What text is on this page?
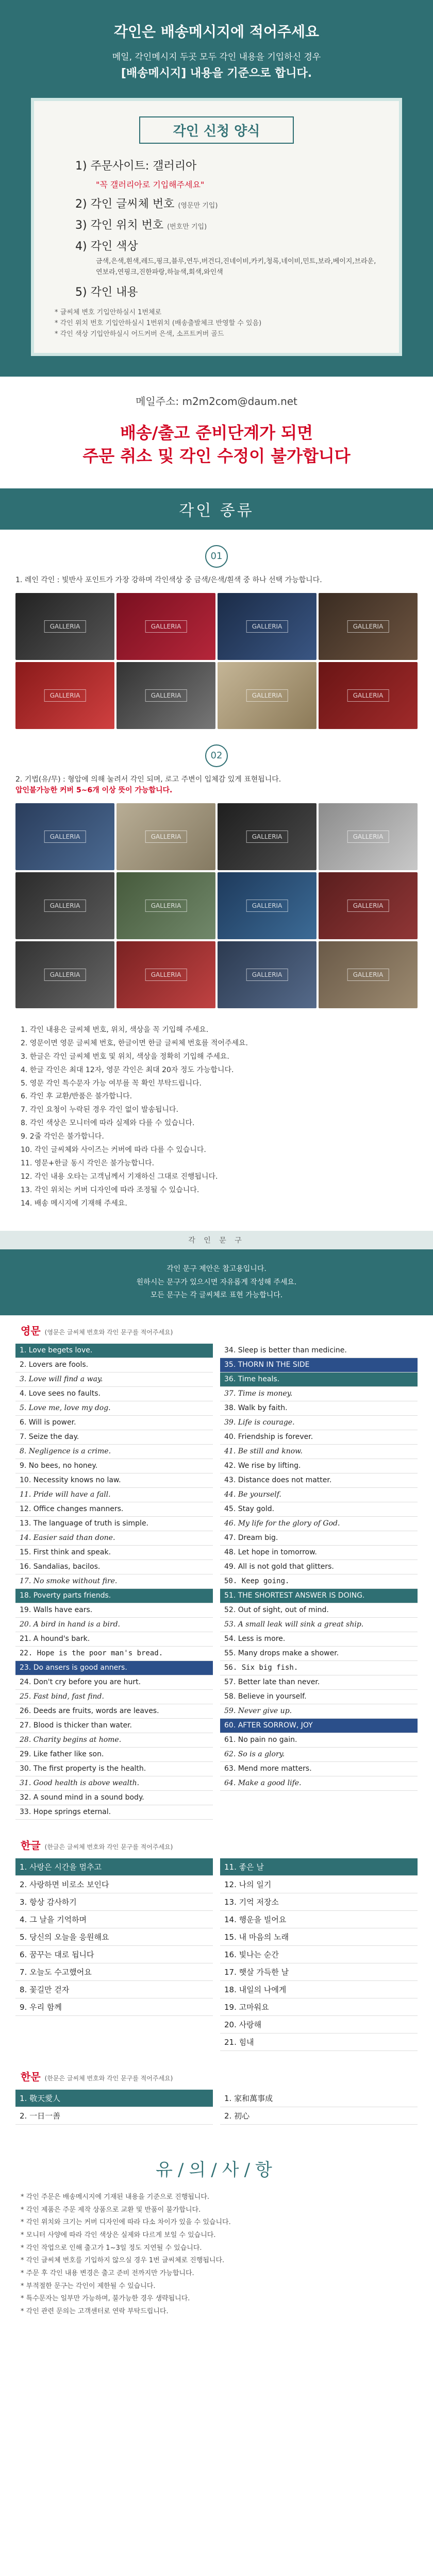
각인은 배송메시지에 적어주세요

메일, 각인메시지 두곳 모두 각인 내용을 기입하신 경우

[배송메시지] 내용을 기준으로 합니다.

각인 신청 양식
1) 주문사이트: 갤러리아
"꼭 갤러리아로 기입해주세요"
2) 각인 글씨체 번호 (영문만 기입)
3) 각인 위치 번호 (번호만 기입)
4) 각인 색상
금색,은색,흰색,레드,핑크,블루,연두,버건디,진네이비,카키,청록,네이비,민트,보라,베이지,브라운,연보라,연핑크,진한파랑,하늘색,회색,와인색
5) 각인 내용
* 글씨체 변호 기입안하실시 1번체로
* 각인 위치 번호 기입안하실시 1번위치 (배송출발체크 반영할 수 있음)
* 각인 색상 기입안하실시 어드커버 은색, 소프트커버 골드
메일주소: m2m2com@daum.net
배송/출고 준비단계가 되면
주문 취소 및 각인 수정이 불가합니다
각인 종류
01
1. 레인 각인 : 빛반사 포인트가 가장 강하며 각인색상 중 금색/은색/흰색 중 하나 선택 가능합니다.
GALLERIA	GALLERIA	GALLERIA	GALLERIA
GALLERIA	GALLERIA	GALLERIA	GALLERIA
02
2. 기법(유/무) : 형압에 의해 눌려서 각인 되며, 로고 주변이 입체감 있게 표현됩니다.
압인불가능한 커버 5~6개 이상 뜻이 가능합니다.
GALLERIA	GALLERIA	GALLERIA	GALLERIA
GALLERIA	GALLERIA	GALLERIA	GALLERIA
GALLERIA	GALLERIA	GALLERIA	GALLERIA
1. 각인 내용은 글씨체 번호, 위치, 색상을 꼭 기입해 주세요.
2. 영문이면 영문 글씨체 번호, 한글이면 한글 글씨체 번호를 적어주세요.
3. 한글은 각인 글씨체 번호 및 위치, 색상을 정확히 기입해 주세요.
4. 한글 각인은 최대 12자, 영문 각인은 최대 20자 정도 가능합니다.
5. 영문 각인 특수문자 가능 여부를 꼭 확인 부탁드립니다.
6. 각인 후 교환/반품은 불가합니다.
7. 각인 요청이 누락된 경우 각인 없이 발송됩니다.
8. 각인 색상은 모니터에 따라 실제와 다를 수 있습니다.
9. 2줄 각인은 불가합니다.
10. 각인 글씨체와 사이즈는 커버에 따라 다를 수 있습니다.
11. 영문+한글 동시 각인은 불가능합니다.
12. 각인 내용 오타는 고객님께서 기재하신 그대로 진행됩니다.
13. 각인 위치는 커버 디자인에 따라 조정될 수 있습니다.
14. 배송 메시지에 기재해 주세요.
각 인 문 구
각인 문구 제안은 참고용입니다.
원하시는 문구가 있으시면 자유롭게 작성해 주세요.
모든 문구는 각 글씨체로 표현 가능합니다.
영문 (영문은 글씨체 번호와 각인 문구를 적어주세요)
1. Love begets love.
2. Lovers are fools.
3. Love will find a way.
4. Love sees no faults.
5. Love me, love my dog.
6. Will is power.
7. Seize the day.
8. Negligence is a crime.
9. No bees, no honey.
10. Necessity knows no law.
11. Pride will have a fall.
12. Office changes manners.
13. The language of truth is simple.
14. Easier said than done.
15. First think and speak.
16. Sandalias, bacilos.
17. No smoke without fire.
18. Poverty parts friends.
19. Walls have ears.
20. A bird in hand is a bird.
21. A hound's bark.
22. Hope is the poor man's bread.
23. Do ansers is good anners.
24. Don't cry before you are hurt.
25. Fast bind, fast find.
26. Deeds are fruits, words are leaves.
27. Blood is thicker than water.
28. Charity begins at home.
29. Like father like son.
30. The first property is the health.
31. Good health is above wealth.
32. A sound mind in a sound body.
33. Hope springs eternal.
34. Sleep is better than medicine.
35. THORN IN THE SIDE
36. Time heals.
37. Time is money.
38. Walk by faith.
39. Life is courage.
40. Friendship is forever.
41. Be still and know.
42. We rise by lifting.
43. Distance does not matter.
44. Be yourself.
45. Stay gold.
46. My life for the glory of God.
47. Dream big.
48. Let hope in tomorrow.
49. All is not gold that glitters.
50. Keep going.
51. THE SHORTEST ANSWER IS DOING.
52. Out of sight, out of mind.
53. A small leak will sink a great ship.
54. Less is more.
55. Many drops make a shower.
56. Six big fish.
57. Better late than never.
58. Believe in yourself.
59. Never give up.
60. AFTER SORROW, JOY
61. No pain no gain.
62. So is a glory.
63. Mend more matters.
64. Make a good life.
한글 (한글은 글씨체 번호와 각인 문구를 적어주세요)
1. 사랑은 시간을 멈추고
2. 사랑하면 비로소 보인다
3. 항상 감사하기
4. 그 날을 기억하며
5. 당신의 오늘을 응원해요
6. 꿈꾸는 대로 됩니다
7. 오늘도 수고했어요
8. 꽃길만 걷자
9. 우리 함께
11. 좋은 날
12. 나의 일기
13. 기억 저장소
14. 행운을 빌어요
15. 내 마음의 노래
16. 빛나는 순간
17. 햇살 가득한 날
18. 내일의 나에게
19. 고마워요
20. 사랑해
21. 힘내
한문 (한문은 글씨체 번호와 각인 문구를 적어주세요)
1. 敬天愛人
2. 一日一善
1. 家和萬事成
2. 初心
유/의/사/항
* 각인 주문은 배송메시지에 기재된 내용을 기준으로 진행됩니다.
* 각인 제품은 주문 제작 상품으로 교환 및 반품이 불가합니다.
* 각인 위치와 크기는 커버 디자인에 따라 다소 차이가 있을 수 있습니다.
* 모니터 사양에 따라 각인 색상은 실제와 다르게 보일 수 있습니다.
* 각인 작업으로 인해 출고가 1~3일 정도 지연될 수 있습니다.
* 각인 글씨체 번호를 기입하지 않으실 경우 1번 글씨체로 진행됩니다.
* 주문 후 각인 내용 변경은 출고 준비 전까지만 가능합니다.
* 부적절한 문구는 각인이 제한될 수 있습니다.
* 특수문자는 일부만 가능하며, 불가능한 경우 생략됩니다.
* 각인 관련 문의는 고객센터로 연락 부탁드립니다.
